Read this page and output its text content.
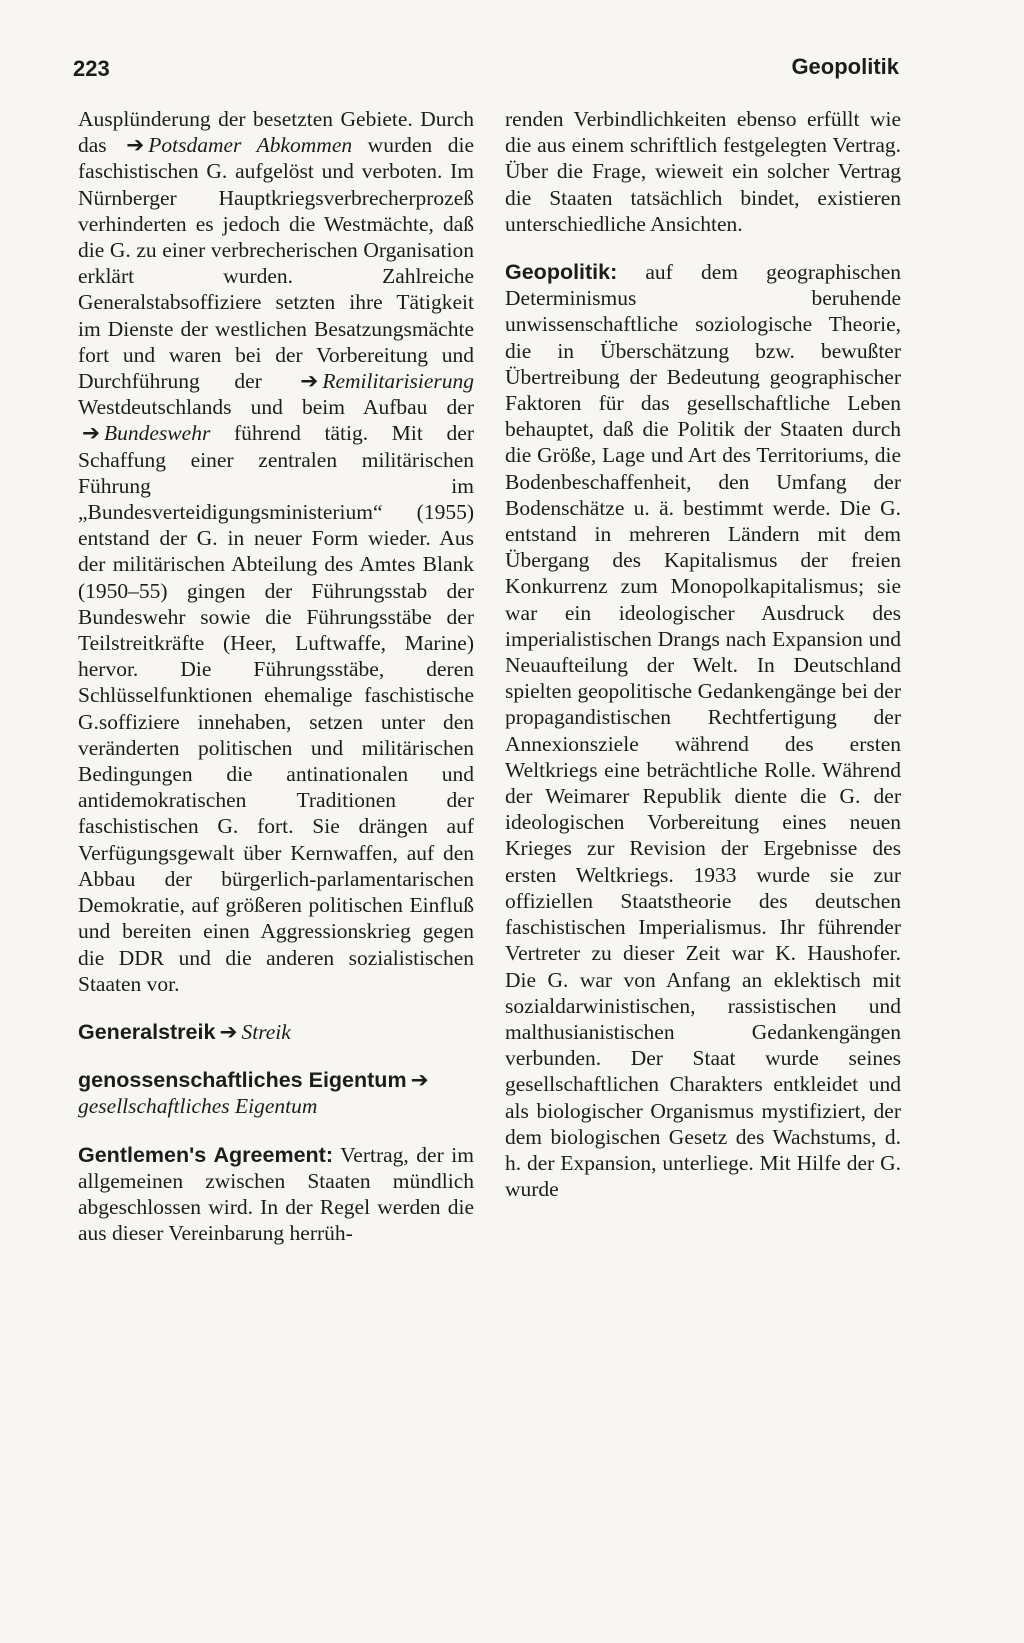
223	Geopolitik

Ausplünderung der besetzten Gebiete. Durch das ➔ Potsdamer Abkommen wurden die faschistischen G. aufgelöst und verboten. Im Nürnberger Hauptkriegsverbrecherprozeß verhinderten es jedoch die Westmächte, daß die G. zu einer verbrecherischen Organisation erklärt wurden. Zahlreiche Generalstabsoffiziere setzten ihre Tätigkeit im Dienste der westlichen Besatzungsmächte fort und waren bei der Vorbereitung und Durchführung der ➔ Remilitarisierung Westdeutschlands und beim Aufbau der ➔ Bundeswehr führend tätig. Mit der Schaffung einer zentralen militärischen Führung im „Bundesverteidigungsministerium“ (1955) entstand der G. in neuer Form wieder. Aus der militärischen Abteilung des Amtes Blank (1950–55) gingen der Führungsstab der Bundeswehr sowie die Führungsstäbe der Teilstreitkräfte (Heer, Luftwaffe, Marine) hervor. Die Führungsstäbe, deren Schlüsselfunktionen ehemalige faschistische G.soffiziere innehaben, setzen unter den veränderten politischen und militärischen Bedingungen die antinationalen und antidemokratischen Traditionen der faschistischen G. fort. Sie drängen auf Verfügungsgewalt über Kernwaffen, auf den Abbau der bürgerlich-parlamentarischen Demokratie, auf größeren politischen Einfluß und bereiten einen Aggressionskrieg gegen die DDR und die anderen sozialistischen Staaten vor.

Generalstreik ➔ Streik

genossenschaftliches Eigentum ➔
gesellschaftliches Eigentum

Gentlemen's Agreement: Vertrag, der im allgemeinen zwischen Staaten mündlich abgeschlossen wird. In der Regel werden die aus dieser Vereinbarung herrüh-

renden Verbindlichkeiten ebenso erfüllt wie die aus einem schriftlich festgelegten Vertrag. Über die Frage, wieweit ein solcher Vertrag die Staaten tatsächlich bindet, existieren unterschiedliche Ansichten.

Geopolitik: auf dem geographischen Determinismus beruhende unwissenschaftliche soziologische Theorie, die in Überschätzung bzw. bewußter Übertreibung der Bedeutung geographischer Faktoren für das gesellschaftliche Leben behauptet, daß die Politik der Staaten durch die Größe, Lage und Art des Territoriums, die Bodenbeschaffenheit, den Umfang der Bodenschätze u. ä. bestimmt werde. Die G. entstand in mehreren Ländern mit dem Übergang des Kapitalismus der freien Konkurrenz zum Monopolkapitalismus; sie war ein ideologischer Ausdruck des imperialistischen Drangs nach Expansion und Neuaufteilung der Welt. In Deutschland spielten geopolitische Gedankengänge bei der propagandistischen Rechtfertigung der Annexionsziele während des ersten Weltkriegs eine beträchtliche Rolle. Während der Weimarer Republik diente die G. der ideologischen Vorbereitung eines neuen Krieges zur Revision der Ergebnisse des ersten Weltkriegs. 1933 wurde sie zur offiziellen Staatstheorie des deutschen faschistischen Imperialismus. Ihr führender Vertreter zu dieser Zeit war K. Haushofer. Die G. war von Anfang an eklektisch mit sozialdarwinistischen, rassistischen und malthusianistischen Gedankengängen verbunden. Der Staat wurde seines gesellschaftlichen Charakters entkleidet und als biologischer Organismus mystifiziert, der dem biologischen Gesetz des Wachstums, d. h. der Expansion, unterliege. Mit Hilfe der G. wurde
